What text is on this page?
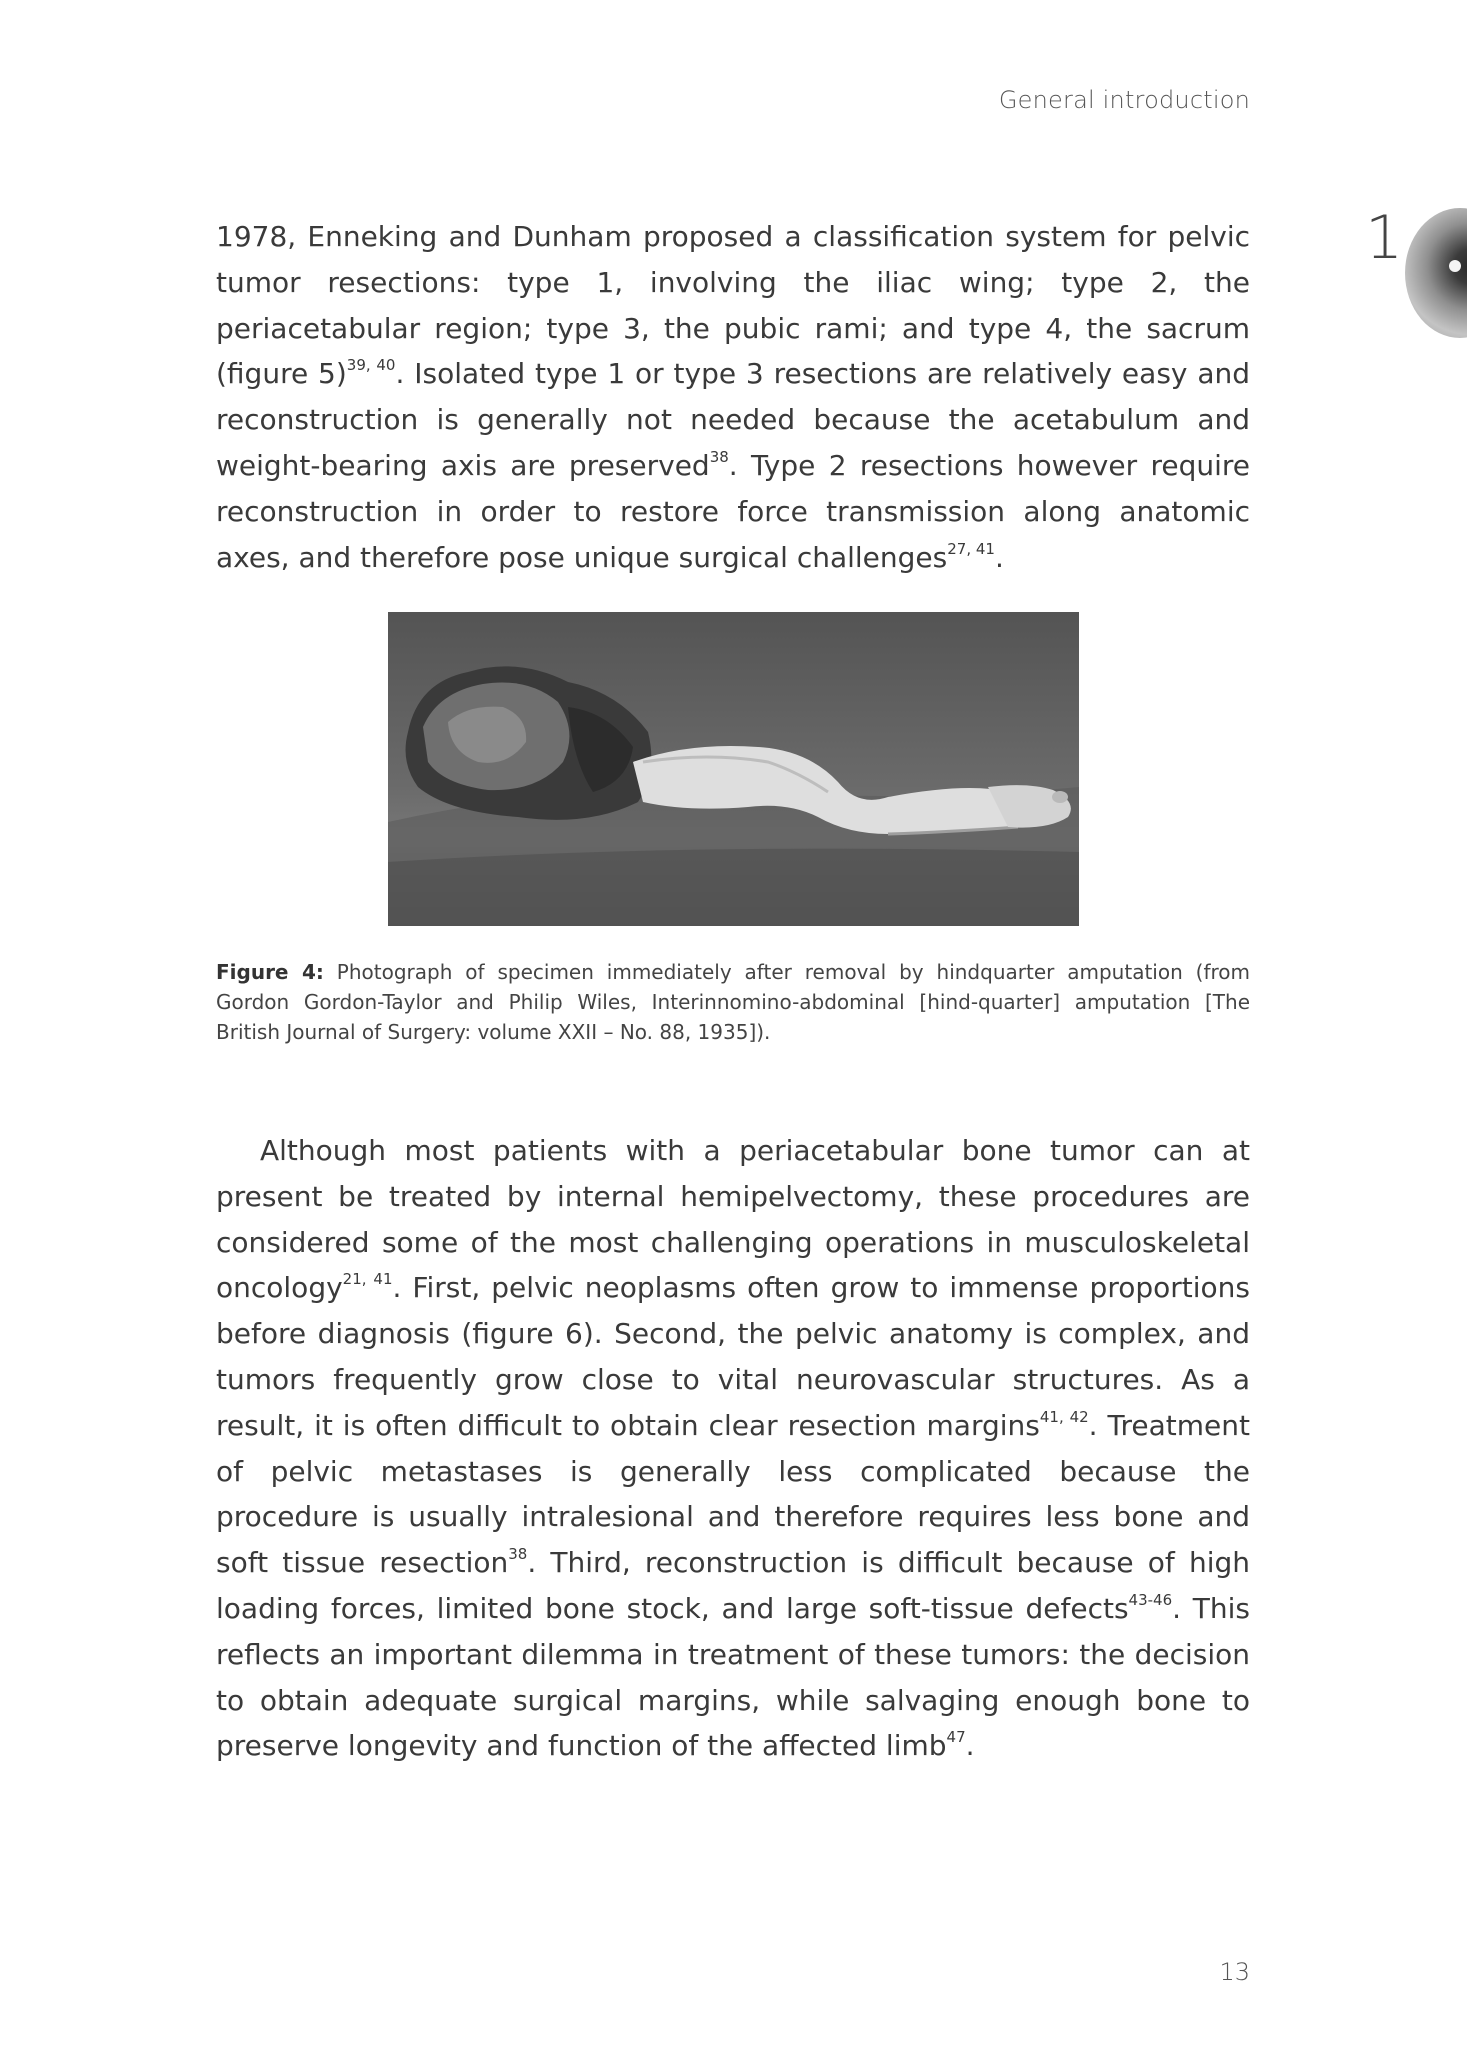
General introduction
1

1978, Enneking and Dunham proposed a classification system for pelvic tumor resections: type 1, involving the iliac wing; type 2, the periacetabular region; type 3, the pubic rami; and type 4, the sacrum (figure 5)$^{39, 40}$. Isolated type 1 or type 3 resections are relatively easy and reconstruction is generally not needed because the acetabulum and weight-bearing axis are preserved$^{38}$. Type 2 resections however require reconstruction in order to restore force transmission along anatomic axes, and therefore pose unique surgical challenges$^{27, 41}$.

Figure 4: Photograph of specimen immediately after removal by hindquarter amputation (from Gordon Gordon-Taylor and Philip Wiles, Interinnomino-abdominal [hind-quarter] amputation [The British Journal of Surgery: volume XXII – No. 88, 1935]).

Although most patients with a periacetabular bone tumor can at present be treated by internal hemipelvectomy, these procedures are considered some of the most challenging operations in musculoskeletal oncology$^{21, 41}$. First, pelvic neoplasms often grow to immense proportions before diagnosis (figure 6). Second, the pelvic anatomy is complex, and tumors frequently grow close to vital neurovascular structures. As a result, it is often difficult to obtain clear resection margins$^{41, 42}$. Treatment of pelvic metastases is generally less complicated because the procedure is usually intralesional and therefore requires less bone and soft tissue resection$^{38}$. Third, reconstruction is difficult because of high loading forces, limited bone stock, and large soft-tissue defects$^{43-46}$. This reflects an important dilemma in treatment of these tumors: the decision to obtain adequate surgical margins, while salvaging enough bone to preserve longevity and function of the affected limb$^{47}$.

13
